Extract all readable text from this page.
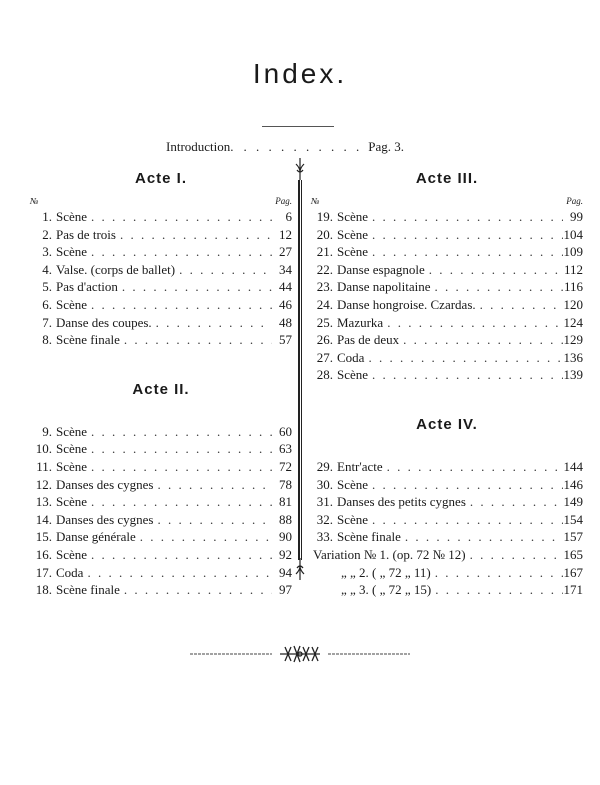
Index.
Introduction. . . . . . . . . . . Pag. 3.
Acte I.
№	Pag.
1. Scène . . .	6
2. Pas de trois . . .	12
3. Scène . . .	27
4. Valse. (corps de ballet) . . .	34
5. Pas d'action . . .	44
6. Scène . . .	46
7. Danse des coupes. . . .	48
8. Scène finale . . .	57
Acte II.
9. Scène . . .	60
10. Scène . . .	63
11. Scène . . .	72
12. Danses des cygnes . . .	78
13. Scène . . .	81
14. Danses des cygnes . . .	88
15. Danse générale . . .	90
16. Scène . . .	92
17. Coda . . .	94
18. Scène finale . . .	97
Acte III.
№	Pag.
19. Scène . . .	99
20. Scène . . .	104
21. Scène . . .	109
22. Danse espagnole . . .	112
23. Danse napolitaine . . .	116
24. Danse hongroise. Czardas. . . .	120
25. Mazurka . . .	124
26. Pas de deux . . .	129
27. Coda . . .	136
28. Scène . . .	139
Acte IV.
29. Entr'acte . . .	144
30. Scène . . .	146
31. Danses des petits cygnes . . .	149
32. Scène . . .	154
33. Scène finale . . .	157
Variation № 1. (op. 72 № 12) . . .	165
„ „ 2. ( „ 72 „ 11) . . .	167
„ „ 3. ( „ 72 „ 15) . . .	171
